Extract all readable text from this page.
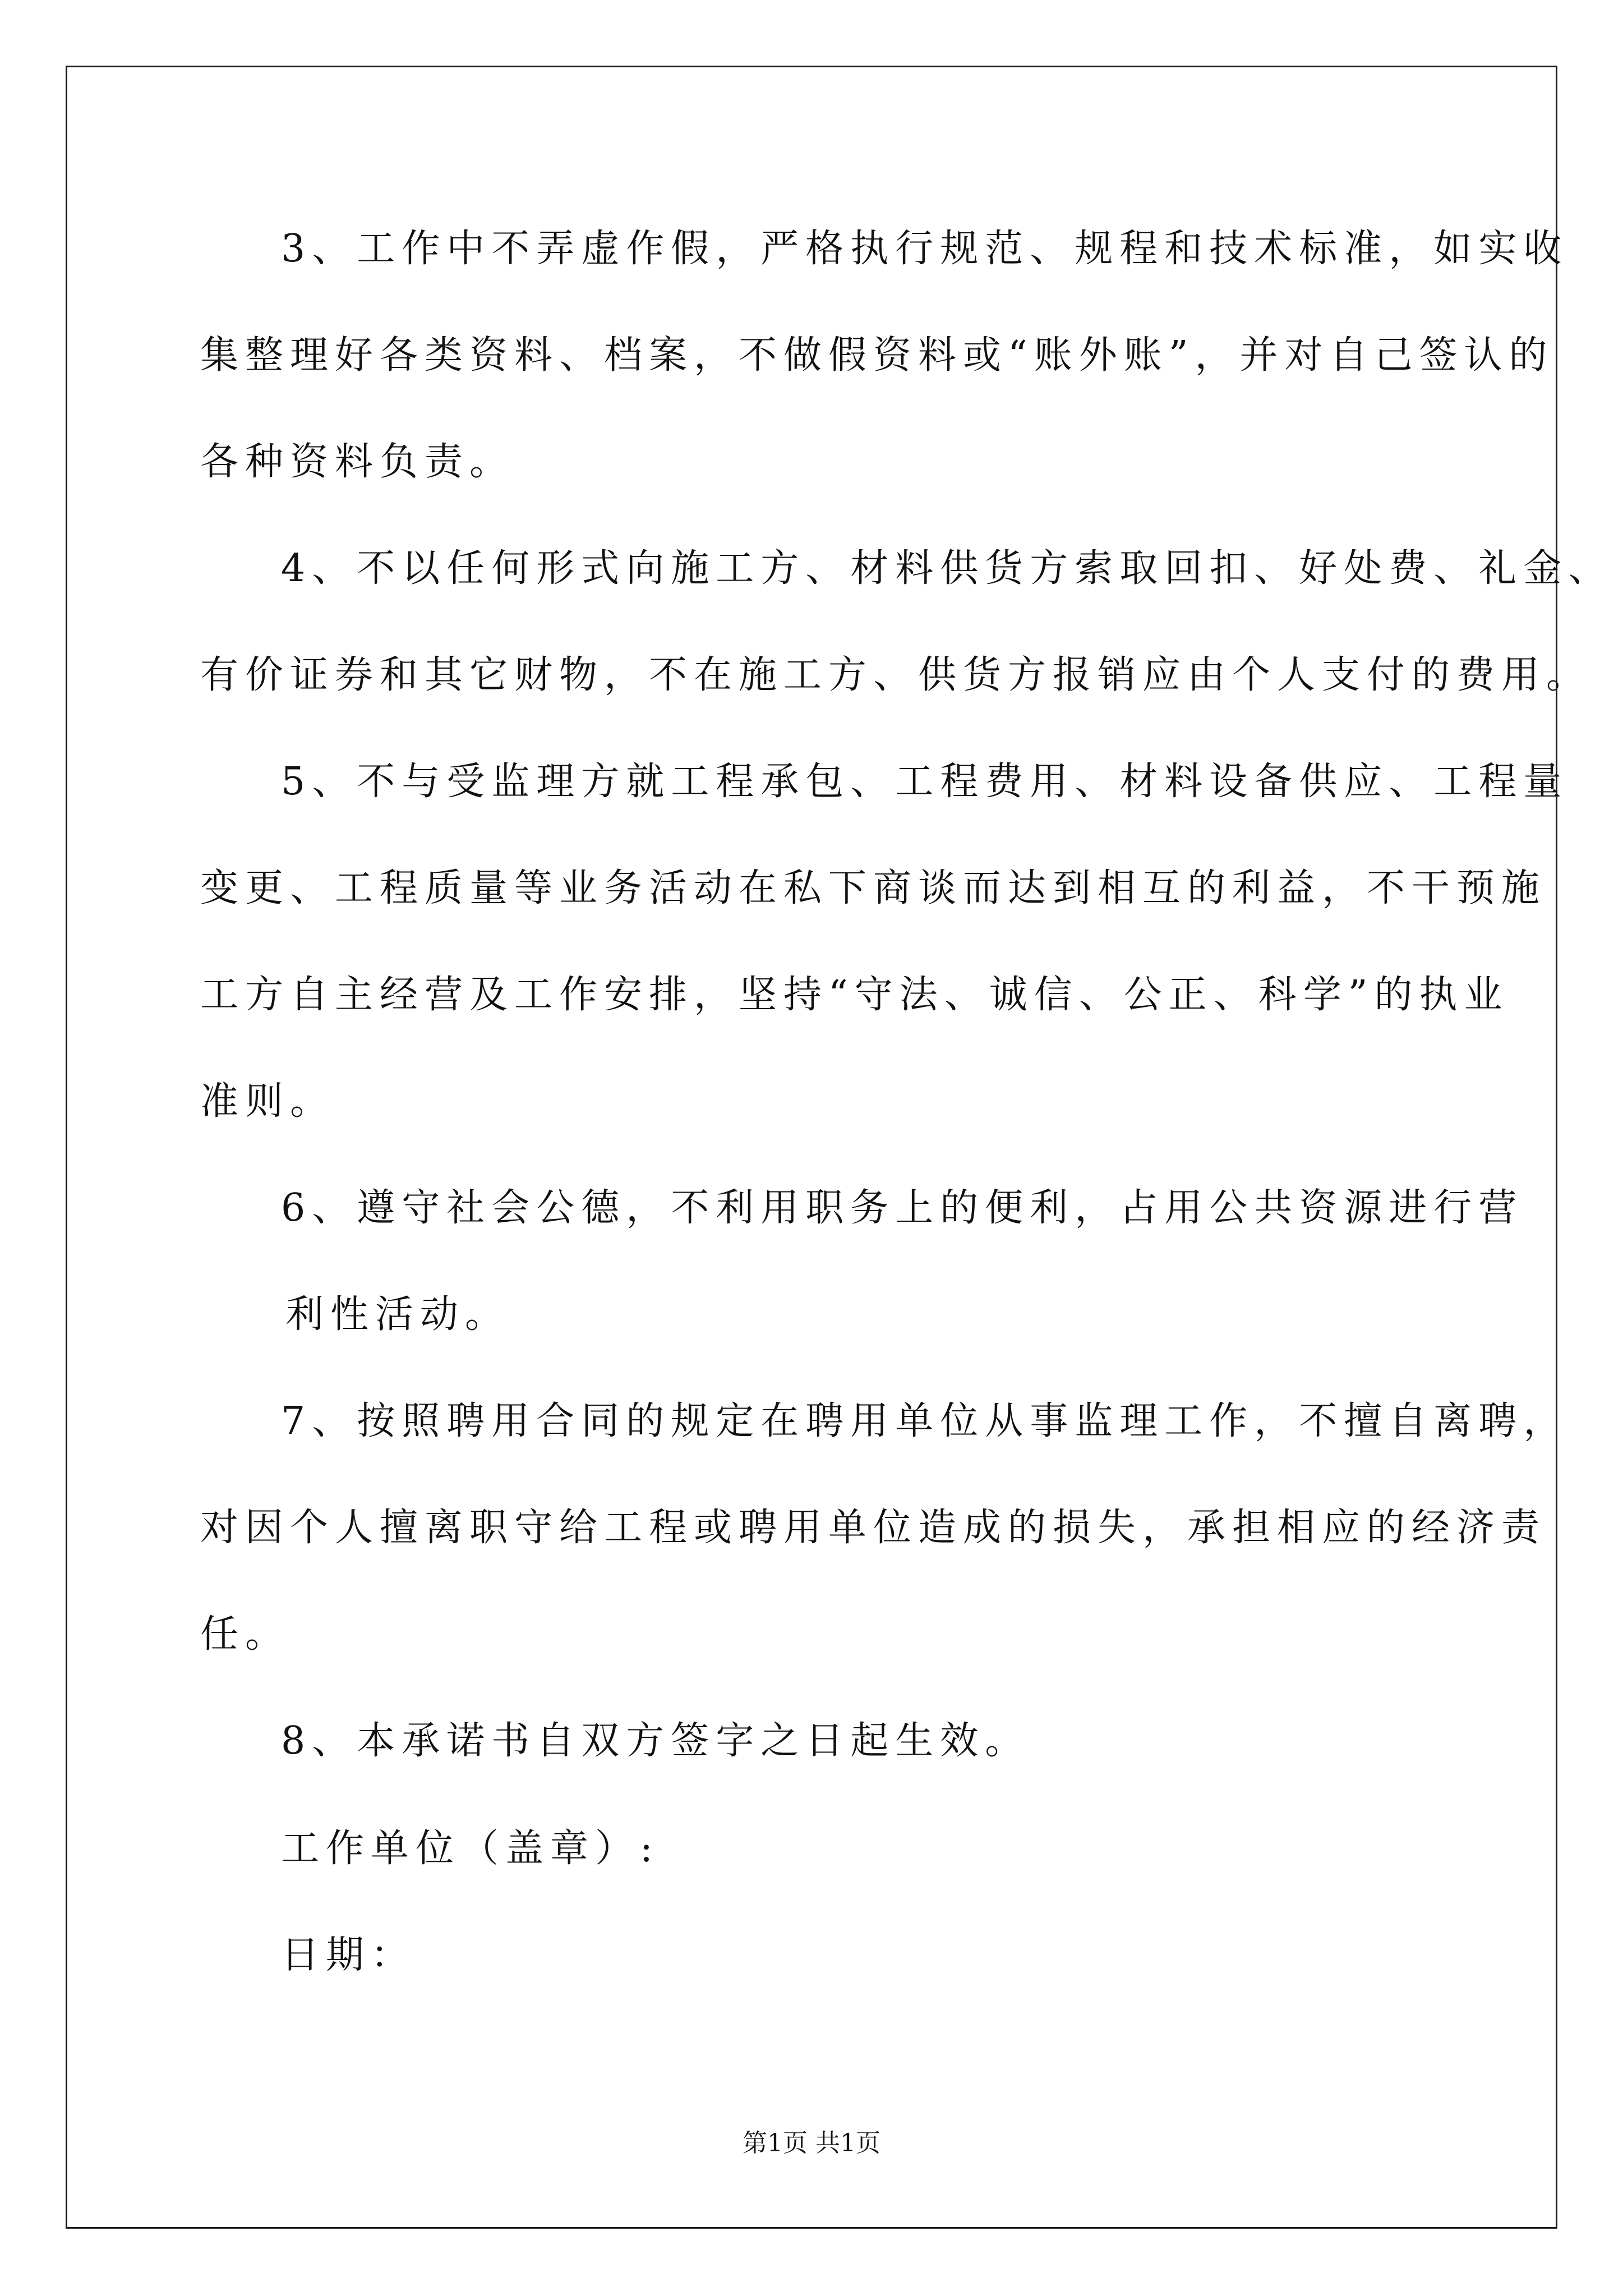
3、工作中不弄虚作假，严格执行规范、规程和技术标准，如实收
集整理好各类资料、档案，不做假资料或“账外账”，并对自己签认的
各种资料负责。
4、不以任何形式向施工方、材料供货方索取回扣、好处费、礼金、
有价证券和其它财物，不在施工方、供货方报销应由个人支付的费用。
5、不与受监理方就工程承包、工程费用、材料设备供应、工程量
变更、工程质量等业务活动在私下商谈而达到相互的利益，不干预施
工方自主经营及工作安排，坚持“守法、诚信、公正、科学”的执业
准则。
6、遵守社会公德，不利用职务上的便利，占用公共资源进行营
利性活动。
7、按照聘用合同的规定在聘用单位从事监理工作，不擅自离聘，
对因个人擅离职守给工程或聘用单位造成的损失，承担相应的经济责
任。
8、本承诺书自双方签字之日起生效。
工作单位（盖章）:
日期：
第1页 共1页
